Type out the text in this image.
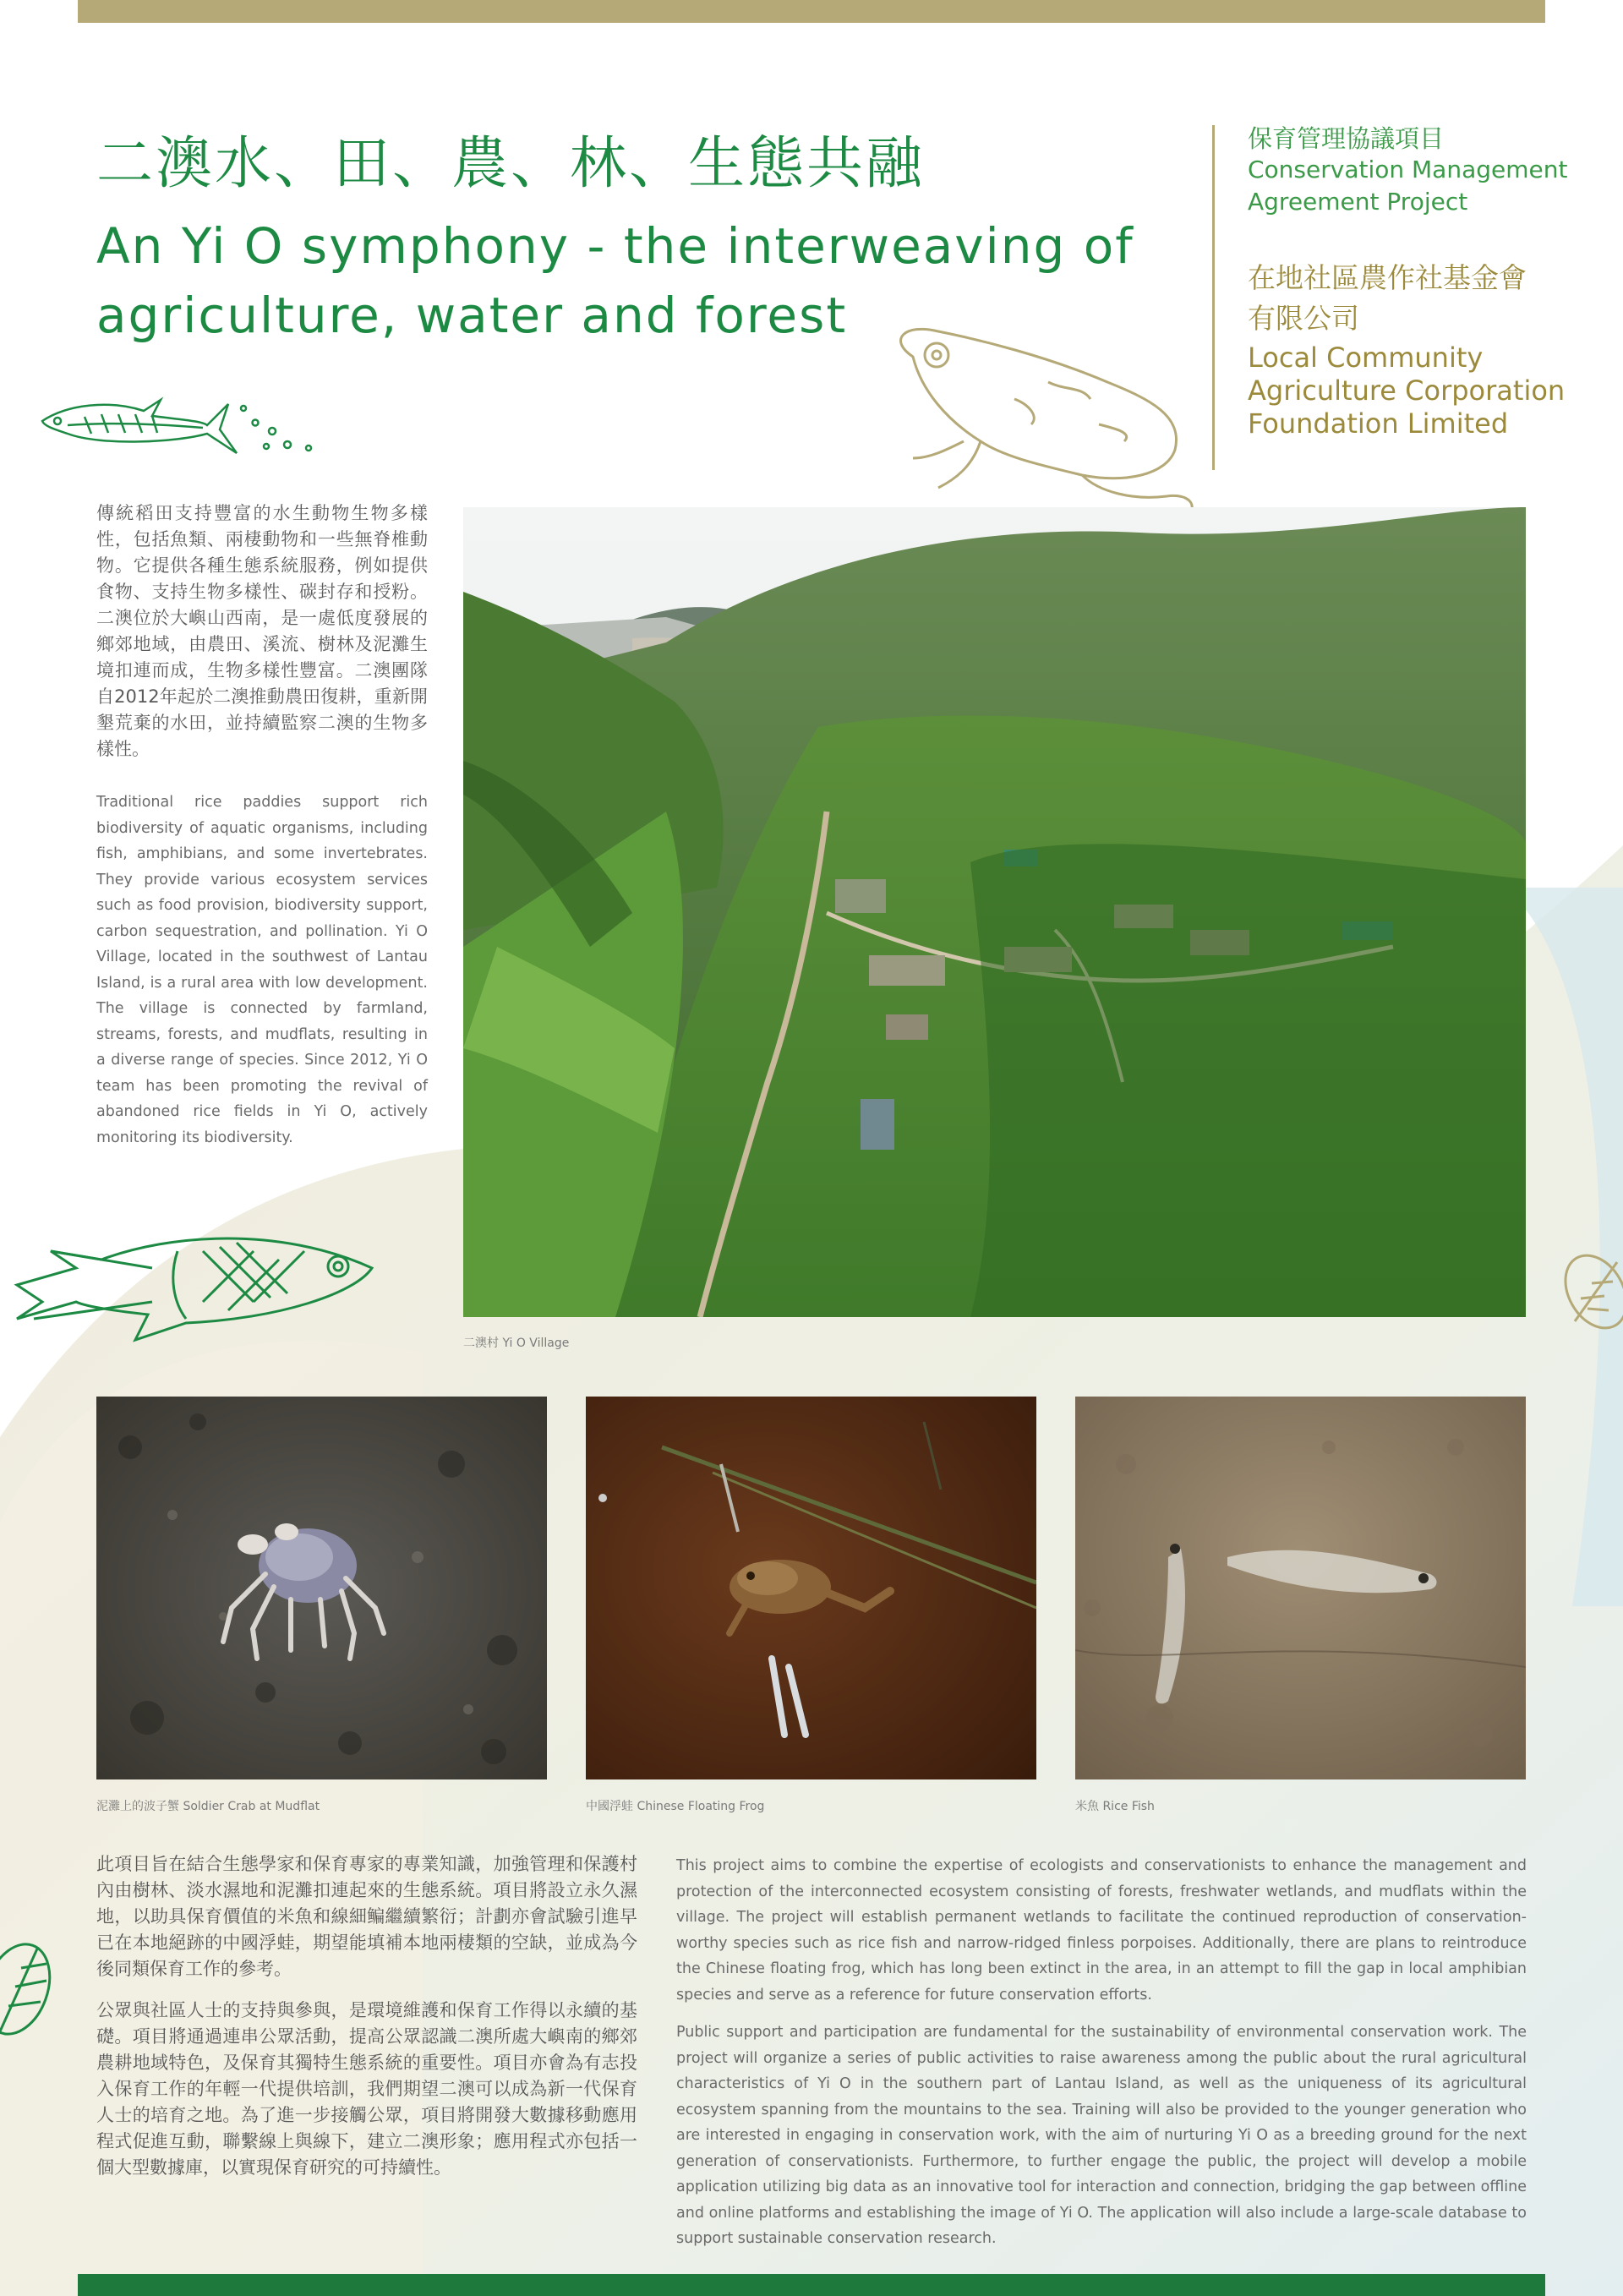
二澳水、田、農、林、生態共融
An Yi O symphony - the interweaving of
agriculture, water and forest
保育管理協議項目
Conservation Management
Agreement Project
在地社區農作社基金會
有限公司
Local Community
Agriculture Corporation
Foundation Limited
傳統稻田支持豐富的水生動物生物多樣性，包括魚類、兩棲動物和一些無脊椎動物。它提供各種生態系統服務，例如提供食物、支持生物多樣性、碳封存和授粉。二澳位於大嶼山西南，是一處低度發展的鄉郊地域，由農田、溪流、樹林及泥灘生境扣連而成，生物多樣性豐富。二澳團隊自2012年起於二澳推動農田復耕，重新開墾荒棄的水田，並持續監察二澳的生物多樣性。
Traditional rice paddies support rich biodiversity of aquatic organisms, including fish, amphibians, and some invertebrates. They provide various ecosystem services such as food provision, biodiversity support, carbon sequestration, and pollination. Yi O Village, located in the southwest of Lantau Island, is a rural area with low development. The village is connected by farmland, streams, forests, and mudflats, resulting in a diverse range of species. Since 2012, Yi O team has been promoting the revival of abandoned rice fields in Yi O, actively monitoring its biodiversity.
二澳村 Yi O Village
泥灘上的波子蟹 Soldier Crab at Mudflat	中國浮蛙 Chinese Floating Frog	米魚 Rice Fish

此項目旨在結合生態學家和保育專家的專業知識，加強管理和保護村內由樹林、淡水濕地和泥灘扣連起來的生態系統。項目將設立永久濕地，以助具保育價值的米魚和線細鳊繼續繁衍；計劃亦會試驗引進早已在本地絕跡的中國浮蛙，期望能填補本地兩棲類的空缺，並成為今後同類保育工作的參考。

公眾與社區人士的支持與參與，是環境維護和保育工作得以永續的基礎。項目將通過連串公眾活動，提高公眾認識二澳所處大嶼南的鄉郊農耕地域特色，及保育其獨特生態系統的重要性。項目亦會為有志投入保育工作的年輕一代提供培訓，我們期望二澳可以成為新一代保育人士的培育之地。為了進一步接觸公眾，項目將開發大數據移動應用程式促進互動，聯繫線上與線下，建立二澳形象；應用程式亦包括一個大型數據庫，以實現保育研究的可持續性。

This project aims to combine the expertise of ecologists and conservationists to enhance the management and protection of the interconnected ecosystem consisting of forests, freshwater wetlands, and mudflats within the village. The project will establish permanent wetlands to facilitate the continued reproduction of conservation-worthy species such as rice fish and narrow-ridged finless porpoises. Additionally, there are plans to reintroduce the Chinese floating frog, which has long been extinct in the area, in an attempt to fill the gap in local amphibian species and serve as a reference for future conservation efforts.

Public support and participation are fundamental for the sustainability of environmental conservation work. The project will organize a series of public activities to raise awareness among the public about the rural agricultural characteristics of Yi O in the southern part of Lantau Island, as well as the uniqueness of its agricultural ecosystem spanning from the mountains to the sea. Training will also be provided to the younger generation who are interested in engaging in conservation work, with the aim of nurturing Yi O as a breeding ground for the next generation of conservationists. Furthermore, to further engage the public, the project will develop a mobile application utilizing big data as an innovative tool for interaction and connection, bridging the gap between offline and online platforms and establishing the image of Yi O. The application will also include a large-scale database to support sustainable conservation research.
